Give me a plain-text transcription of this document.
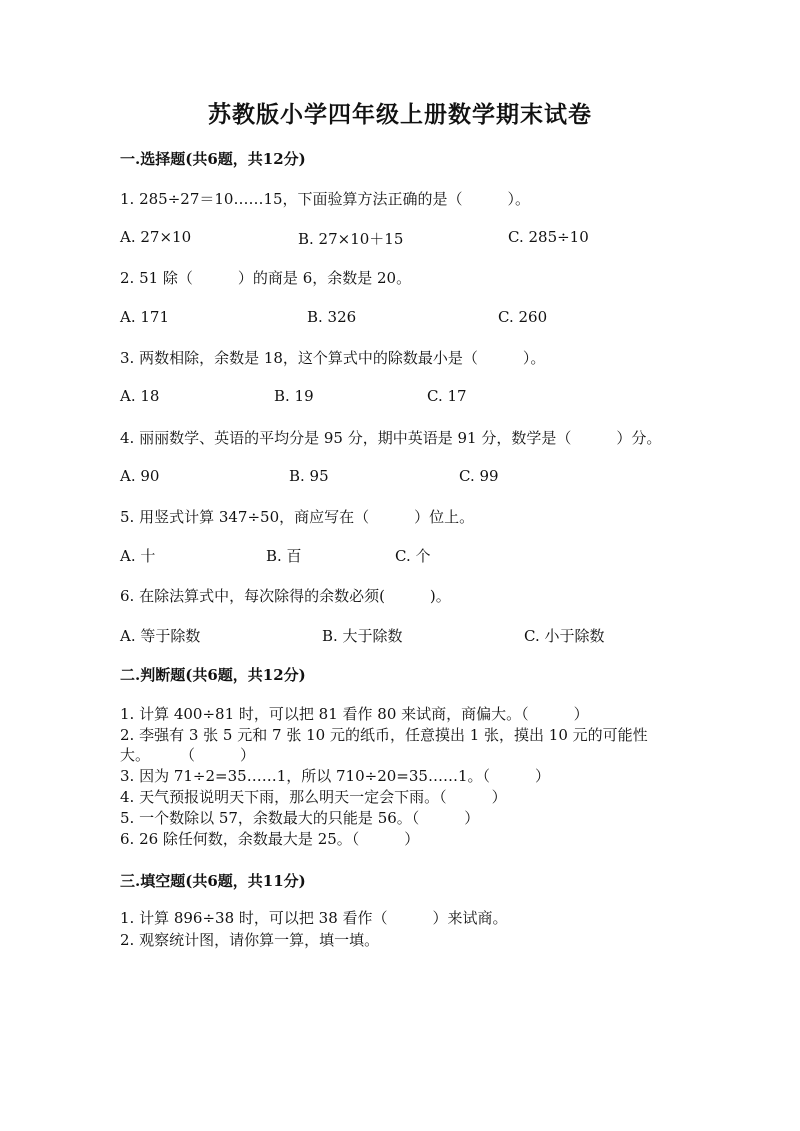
苏教版小学四年级上册数学期末试卷
一.选择题(共6题，共12分)
1. 285÷27＝10……15，下面验算方法正确的是（　　　）。
A. 27×10	B. 27×10＋15	C. 285÷10
2. 51 除（　　　）的商是 6，余数是 20。
A. 171	B. 326	C. 260
3. 两数相除，余数是 18，这个算式中的除数最小是（　　　）。
A. 18	B. 19	C. 17
4. 丽丽数学、英语的平均分是 95 分，期中英语是 91 分，数学是（　　　）分。
A. 90	B. 95	C. 99
5. 用竖式计算 347÷50，商应写在（　　　）位上。
A. 十	B. 百	C. 个
6. 在除法算式中，每次除得的余数必须(　　　)。
A. 等于除数	B. 大于除数	C. 小于除数
二.判断题(共6题，共12分)
1. 计算 400÷81 时，可以把 81 看作 80 来试商，商偏大。（　　　）
2. 李强有 3 张 5 元和 7 张 10 元的纸币，任意摸出 1 张，摸出 10 元的可能性
大。　　　（　　　）
3. 因为 71÷2=35……1，所以 710÷20=35……1。（　　　）
4. 天气预报说明天下雨，那么明天一定会下雨。（　　　）
5. 一个数除以 57，余数最大的只能是 56。（　　　）
6. 26 除任何数，余数最大是 25。（　　　）
三.填空题(共6题，共11分)
1. 计算 896÷38 时，可以把 38 看作（　　　）来试商。
2. 观察统计图，请你算一算，填一填。
